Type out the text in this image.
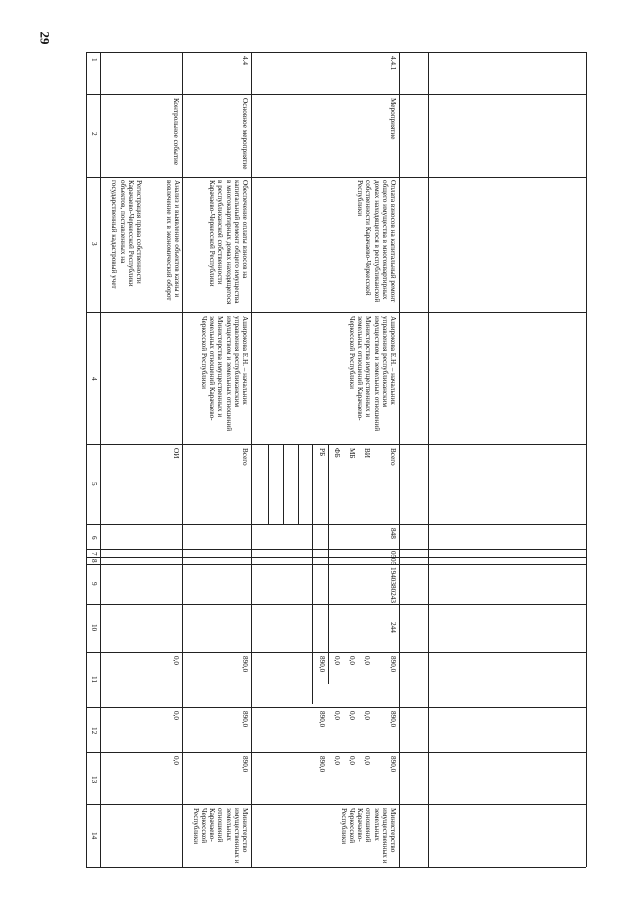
29
1
2
3
4
5
6
7
8
9
10
11
12
13
14
Контрольное событие
Регистрация права собственности Карачаево-Черкесской Республики объектов, поставленных на государственный кадастровый учет	Анализ и выявление объектов казны и вовлечение их в экономический оборот
ОИ
0,0
0,0
0,0
4.4
Основное мероприятие
Обеспечение оплаты взносов на капитальный ремонт общего имущества в многоквартирных домах находящегося в республиканской собственности Карачаево-Черкесской Республики
Аширокова Е.Н. – начальник управления республиканским имуществом и земельных отношений Министерства имущественных и земельных отношений Карачаево-Черкесской Республики
Всего
890,0
890,0
890,0
Министерство имущественных и земельных отношений Карачаево-Черкесской Республики
РБ
890,0
890,0
890,0
ФБ
0,0
0,0
0,0
МБ
0,0
0,0
0,0
ВИ
0,0
0,0
0,0
4.4.1
Мероприятие
Оплата взносов на капитальный ремонт общего имущества в многоквартирных домах находящегося в республиканской собственности Карачаево-Черкесской Республики
Аширокова Е.Н. – начальник управления республиканским имуществом и земельных отношений Министерства имущественных и земельных отношений Карачаево-Черкесской Республики
Всего
848
05
05
1940380243
244
890,0
890,0
890,0
Министерство имущественных и земельных отношений Карачаево-Черкесской Республики
